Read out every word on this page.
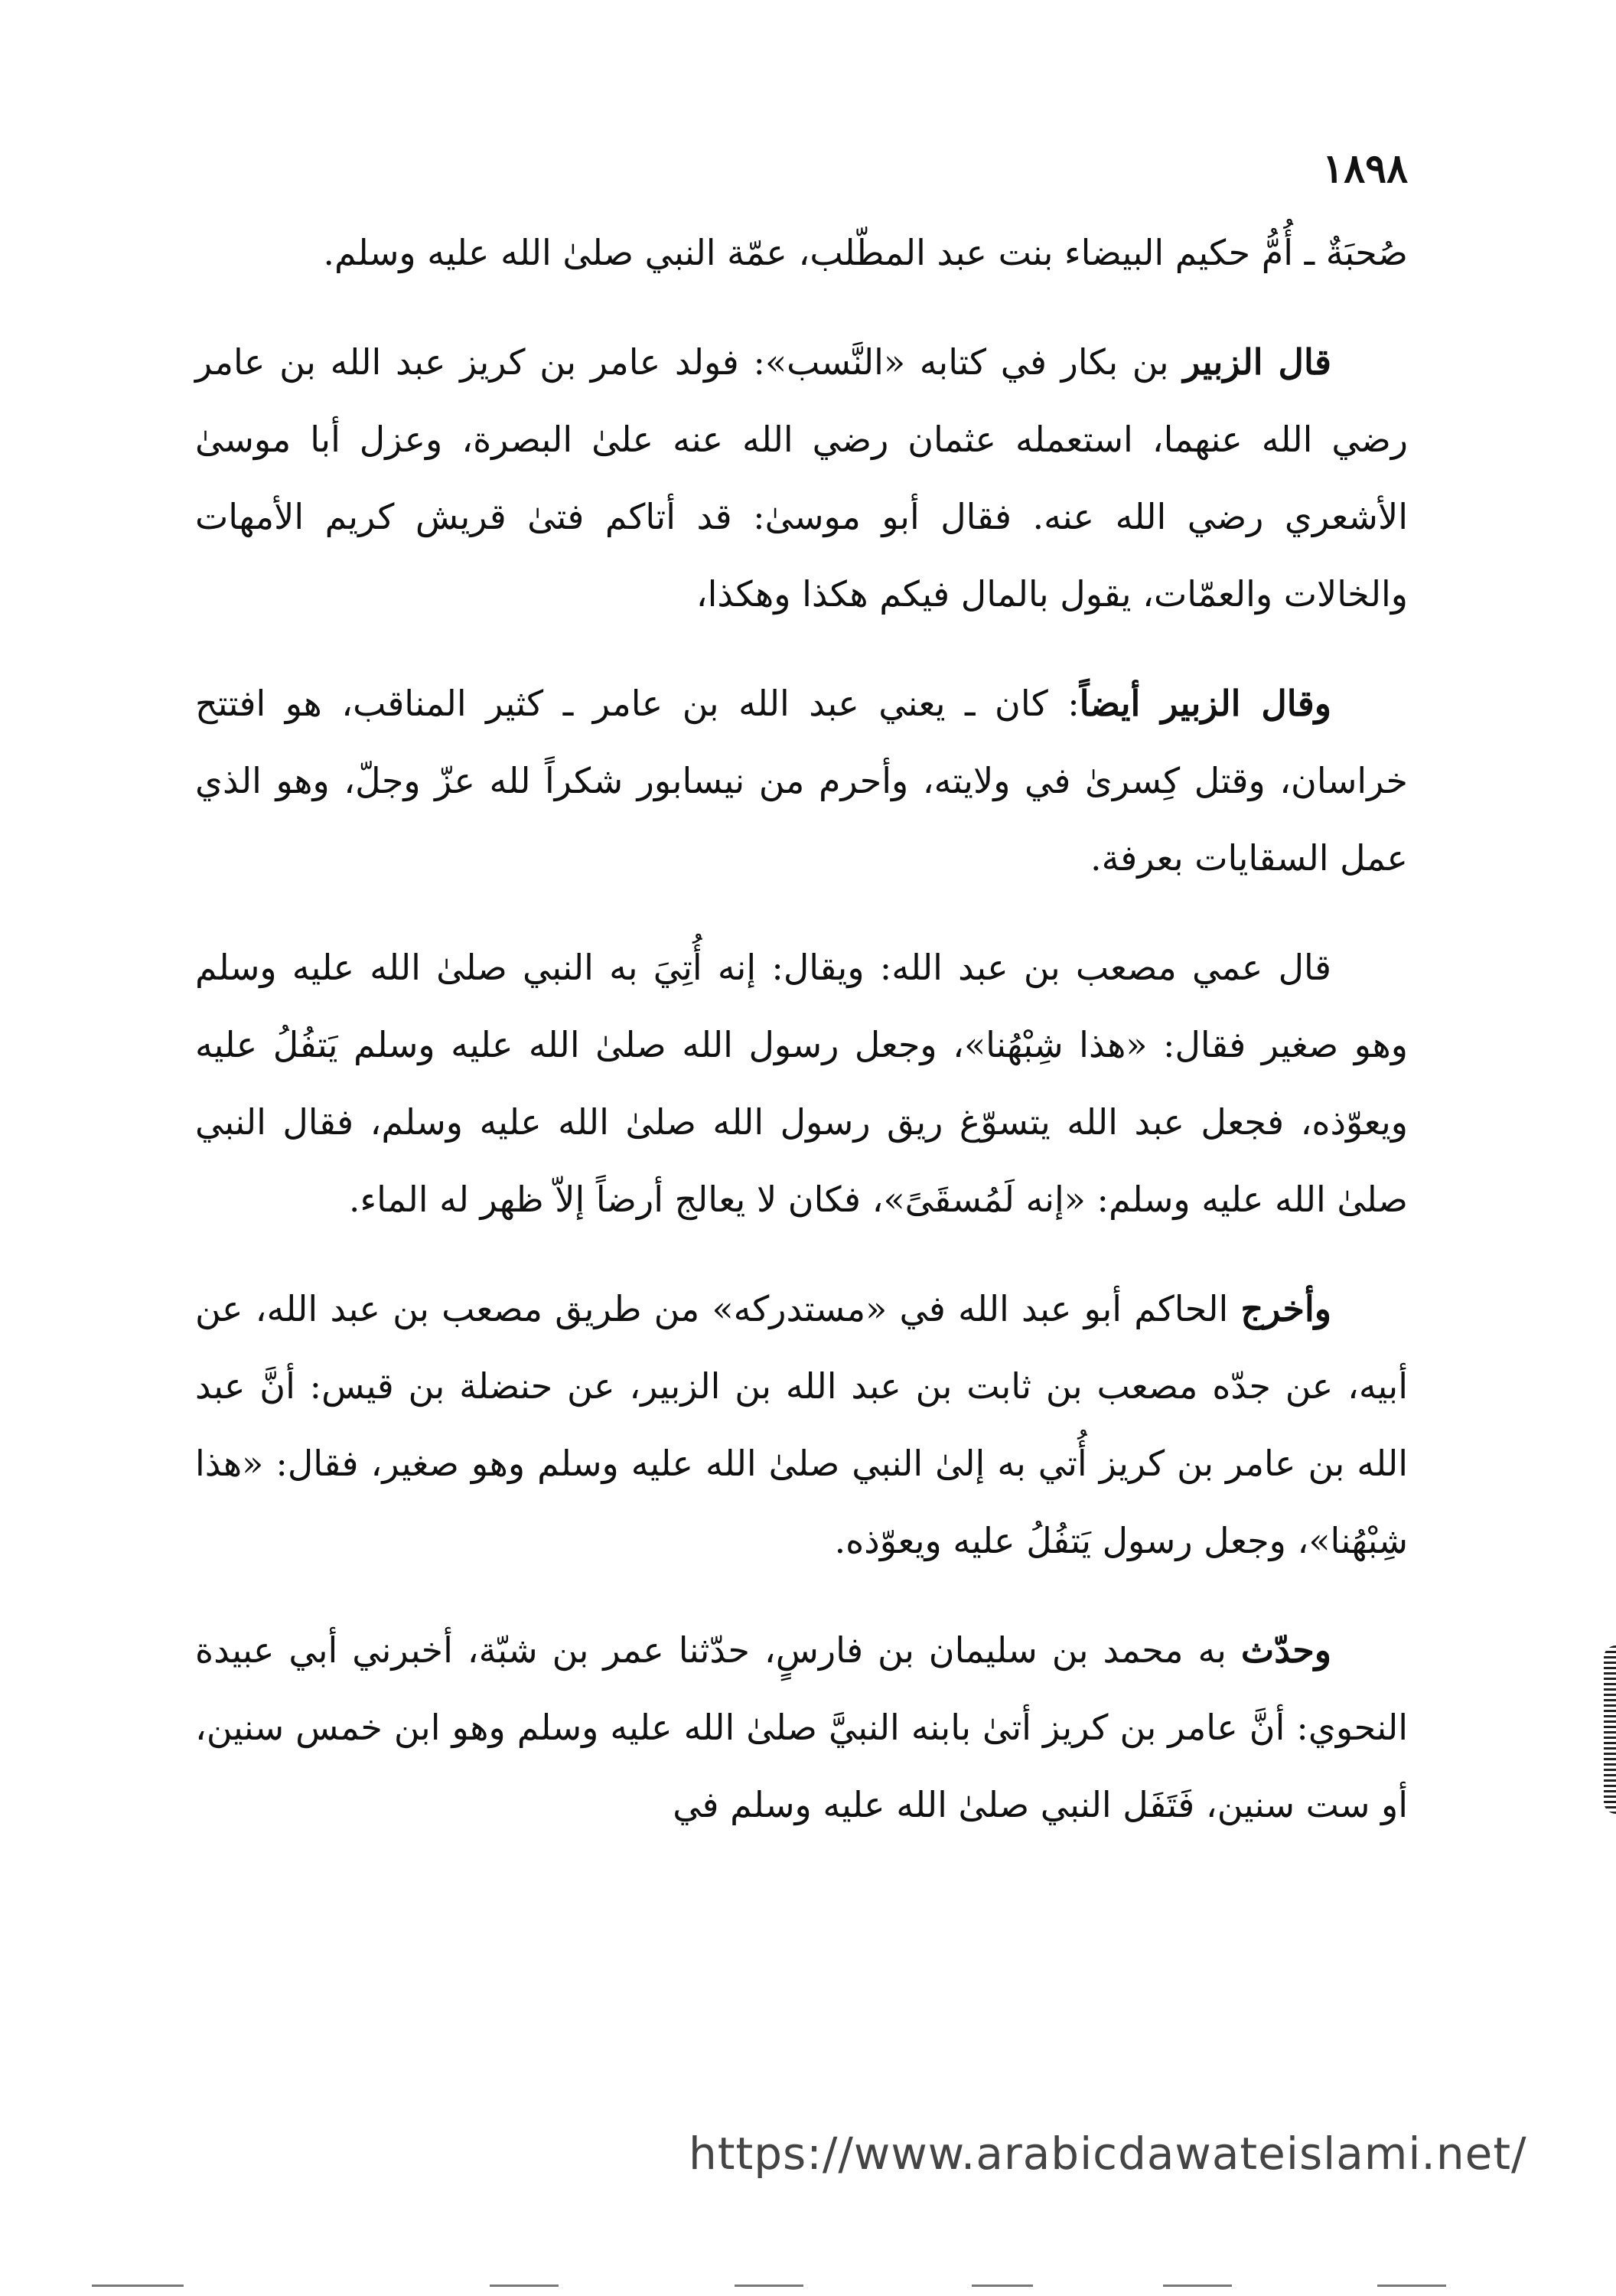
١٨٩٨

صُحبَةٌ ـ أُمُّ حكيم البيضاء بنت عبد المطّلب، عمّة النبي صلىٰ الله عليه وسلم.

قال الزبير بن بكار في كتابه «النَّسب»: فولد عامر بن كريز عبد الله بن عامر رضي الله عنهما، استعمله عثمان رضي الله عنه علىٰ البصرة، وعزل أبا موسىٰ الأشعري رضي الله عنه. فقال أبو موسىٰ: قد أتاكم فتىٰ قريش كريم الأمهات والخالات والعمّات، يقول بالمال فيكم هكذا وهكذا،

وقال الزبير أيضاً: كان ـ يعني عبد الله بن عامر ـ كثير المناقب، هو افتتح خراسان، وقتل كِسرىٰ في ولايته، وأحرم من نيسابور شكراً لله عزّ وجلّ، وهو الذي عمل السقايات بعرفة.

قال عمي مصعب بن عبد الله: ويقال: إنه أُتِيَ به النبي صلىٰ الله عليه وسلم وهو صغير فقال: «هذا شِبْهُنا»، وجعل رسول الله صلىٰ الله عليه وسلم يَتفُلُ عليه ويعوّذه، فجعل عبد الله يتسوّغ ريق رسول الله صلىٰ الله عليه وسلم، فقال النبي صلىٰ الله عليه وسلم: «إنه لَمُسقَىً»، فكان لا يعالج أرضاً إلاّ ظهر له الماء.

وأخرج الحاكم أبو عبد الله في «مستدركه» من طريق مصعب بن عبد الله، عن أبيه، عن جدّه مصعب بن ثابت بن عبد الله بن الزبير، عن حنضلة بن قيس: أنَّ عبد الله بن عامر بن كريز أُتي به إلىٰ النبي صلىٰ الله عليه وسلم وهو صغير، فقال: «هذا شِبْهُنا»، وجعل رسول يَتفُلُ عليه ويعوّذه.

وحدّث به محمد بن سليمان بن فارسٍ، حدّثنا عمر بن شبّة، أخبرني أبي عبيدة النحوي: أنَّ عامر بن كريز أتىٰ بابنه النبيَّ صلىٰ الله عليه وسلم وهو ابن خمس سنين، أو ست سنين، فَتَفَل النبي صلىٰ الله عليه وسلم في

https://www.arabicdawateislami.net/
